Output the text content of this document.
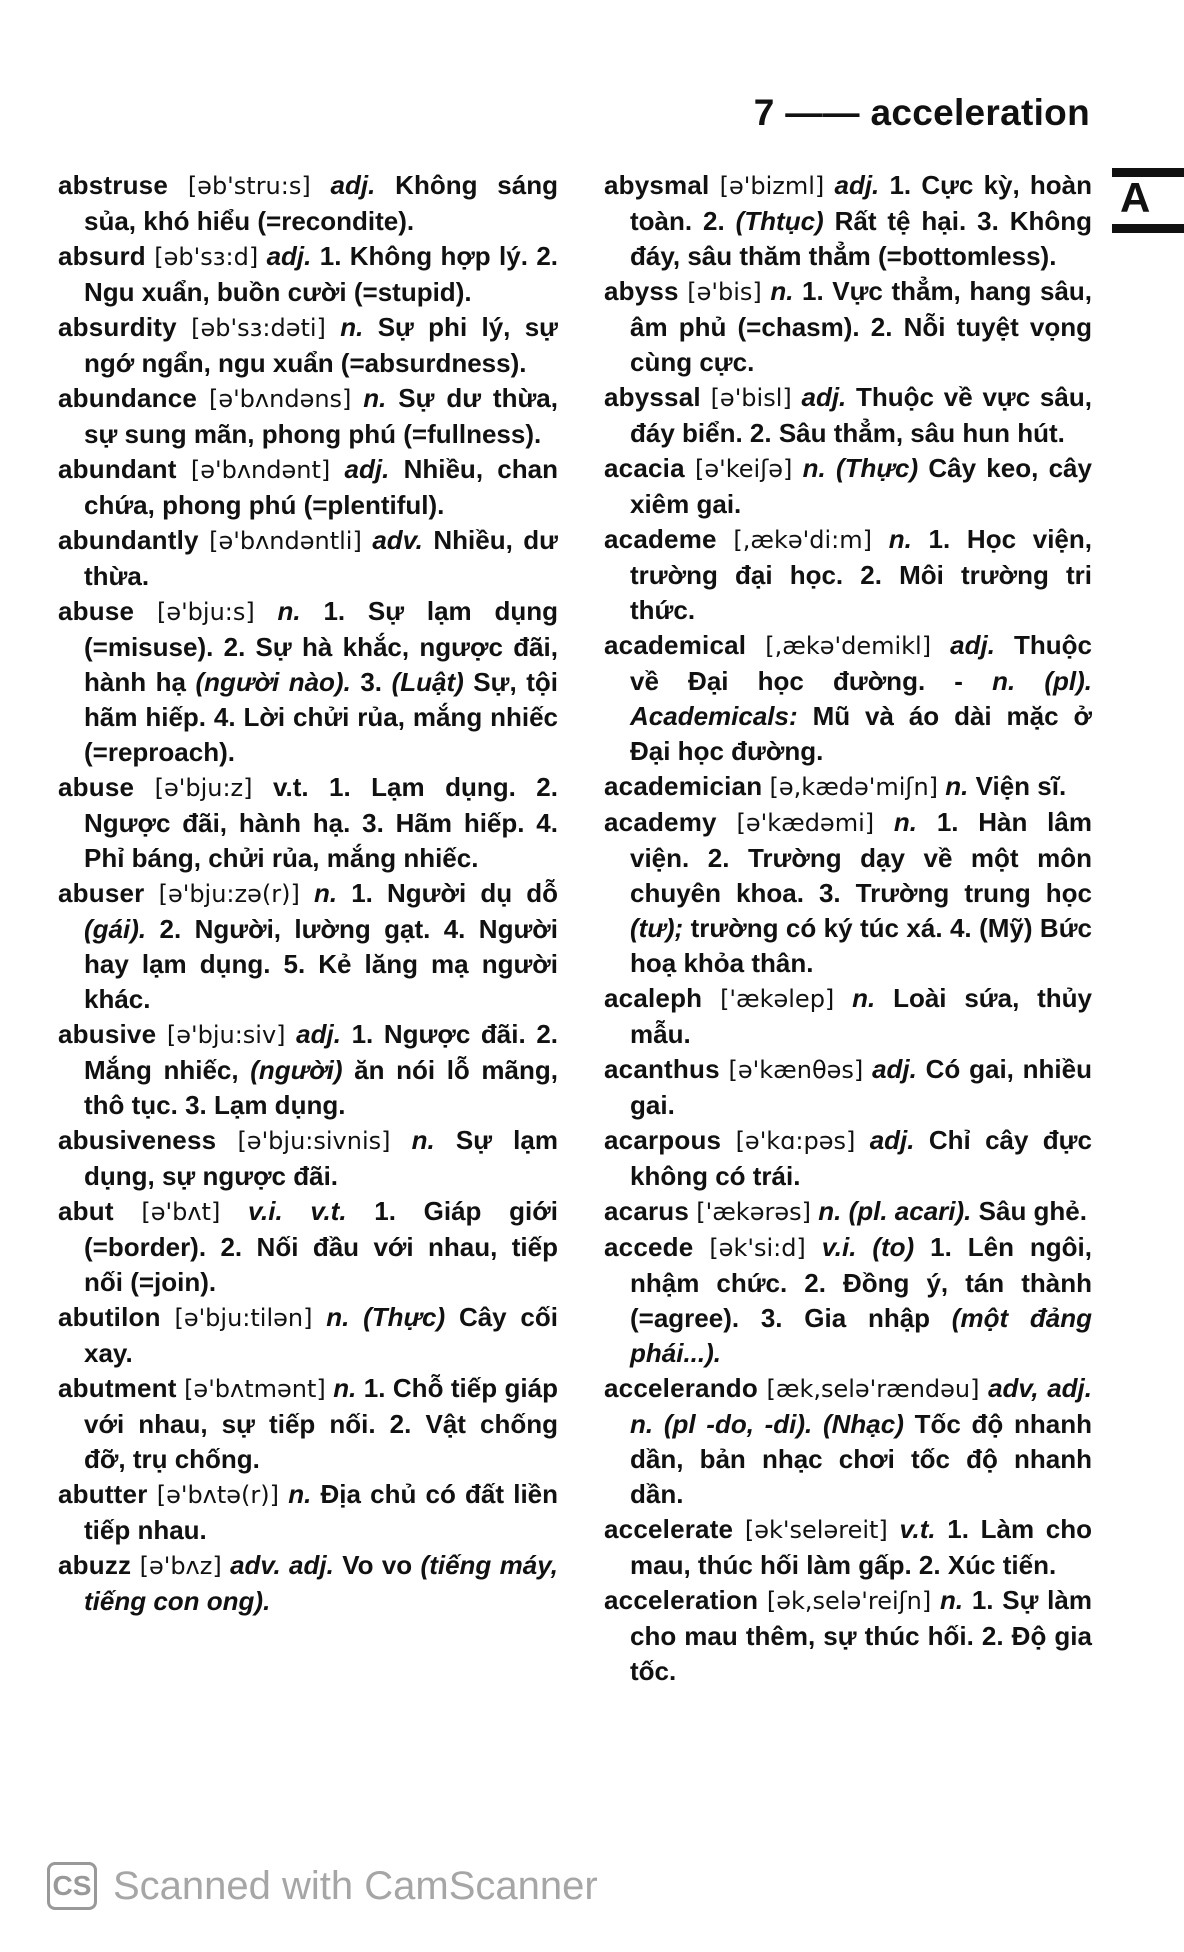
7 —— acceleration
A

abstruse [əb'stru:s] adj. Không sáng sủa, khó hiểu (=recondite).

absurd [əb'sɜ:d] adj. 1. Không hợp lý. 2. Ngu xuẩn, buồn cười (=stupid).

absurdity [əb'sɜ:dəti] n. Sự phi lý, sự ngớ ngẩn, ngu xuẩn (=absurdness).

abundance [ə'bʌndəns] n. Sự dư thừa, sự sung mãn, phong phú (=fullness).

abundant [ə'bʌndənt] adj. Nhiều, chan chứa, phong phú (=plentiful).

abundantly [ə'bʌndəntli] adv. Nhiều, dư thừa.

abuse [ə'bju:s] n. 1. Sự lạm dụng (=misuse). 2. Sự hà khắc, ngược đãi, hành hạ (người nào). 3. (Luật) Sự, tội hãm hiếp. 4. Lời chửi rủa, mắng nhiếc (=reproach).

abuse [ə'bju:z] v.t. 1. Lạm dụng. 2. Ngược đãi, hành hạ. 3. Hãm hiếp. 4. Phỉ báng, chửi rủa, mắng nhiếc.

abuser [ə'bju:zə(r)] n. 1. Người dụ dỗ (gái). 2. Người, lường gạt. 4. Người hay lạm dụng. 5. Kẻ lăng mạ người khác.

abusive [ə'bju:siv] adj. 1. Ngược đãi. 2. Mắng nhiếc, (người) ăn nói lỗ mãng, thô tục. 3. Lạm dụng.

abusiveness [ə'bju:sivnis] n. Sự lạm dụng, sự ngược đãi.

abut [ə'bʌt] v.i. v.t. 1. Giáp giới (=border). 2. Nối đầu với nhau, tiếp nối (=join).

abutilon [ə'bju:tilən] n. (Thực) Cây cối xay.

abutment [ə'bʌtmənt] n. 1. Chỗ tiếp giáp với nhau, sự tiếp nối. 2. Vật chống đỡ, trụ chống.

abutter [ə'bʌtə(r)] n. Địa chủ có đất liền tiếp nhau.

abuzz [ə'bʌz] adv. adj. Vo vo (tiếng máy, tiếng con ong).

abysmal [ə'bizml] adj. 1. Cực kỳ, hoàn toàn. 2. (Thtục) Rất tệ hại. 3. Không đáy, sâu thăm thẳm (=bottomless).

abyss [ə'bis] n. 1. Vực thẳm, hang sâu, âm phủ (=chasm). 2. Nỗi tuyệt vọng cùng cực.

abyssal [ə'bisl] adj. Thuộc về vực sâu, đáy biển. 2. Sâu thẳm, sâu hun hút.

acacia [ə'keiʃə] n. (Thực) Cây keo, cây xiêm gai.

academe [,ækə'di:m] n. 1. Học viện, trường đại học. 2. Môi trường tri thức.

academical [,ækə'demikl] adj. Thuộc về Đại học đường. - n. (pl). Academicals: Mũ và áo dài mặc ở Đại học đường.

academician [ə,kædə'miʃn] n. Viện sĩ.

academy [ə'kædəmi] n. 1. Hàn lâm viện. 2. Trường dạy về một môn chuyên khoa. 3. Trường trung học (tư); trường có ký túc xá. 4. (Mỹ) Bức hoạ khỏa thân.

acaleph ['ækəlep] n. Loài sứa, thủy mẫu.

acanthus [ə'kænθəs] adj. Có gai, nhiều gai.

acarpous [ə'kɑ:pəs] adj. Chỉ cây đực không có trái.

acarus ['ækərəs] n. (pl. acari). Sâu ghẻ.

accede [ək'si:d] v.i. (to) 1. Lên ngôi, nhậm chức. 2. Đồng ý, tán thành (=agree). 3. Gia nhập (một đảng phái...).

accelerando [æk,selə'rændəu] adv, adj. n. (pl -do, -di). (Nhạc) Tốc độ nhanh dần, bản nhạc chơi tốc độ nhanh dần.

accelerate [ək'seləreit] v.t. 1. Làm cho mau, thúc hối làm gấp. 2. Xúc tiến.

acceleration [ək,selə'reiʃn] n. 1. Sự làm cho mau thêm, sự thúc hối. 2. Độ gia tốc.

CS Scanned with CamScanner
